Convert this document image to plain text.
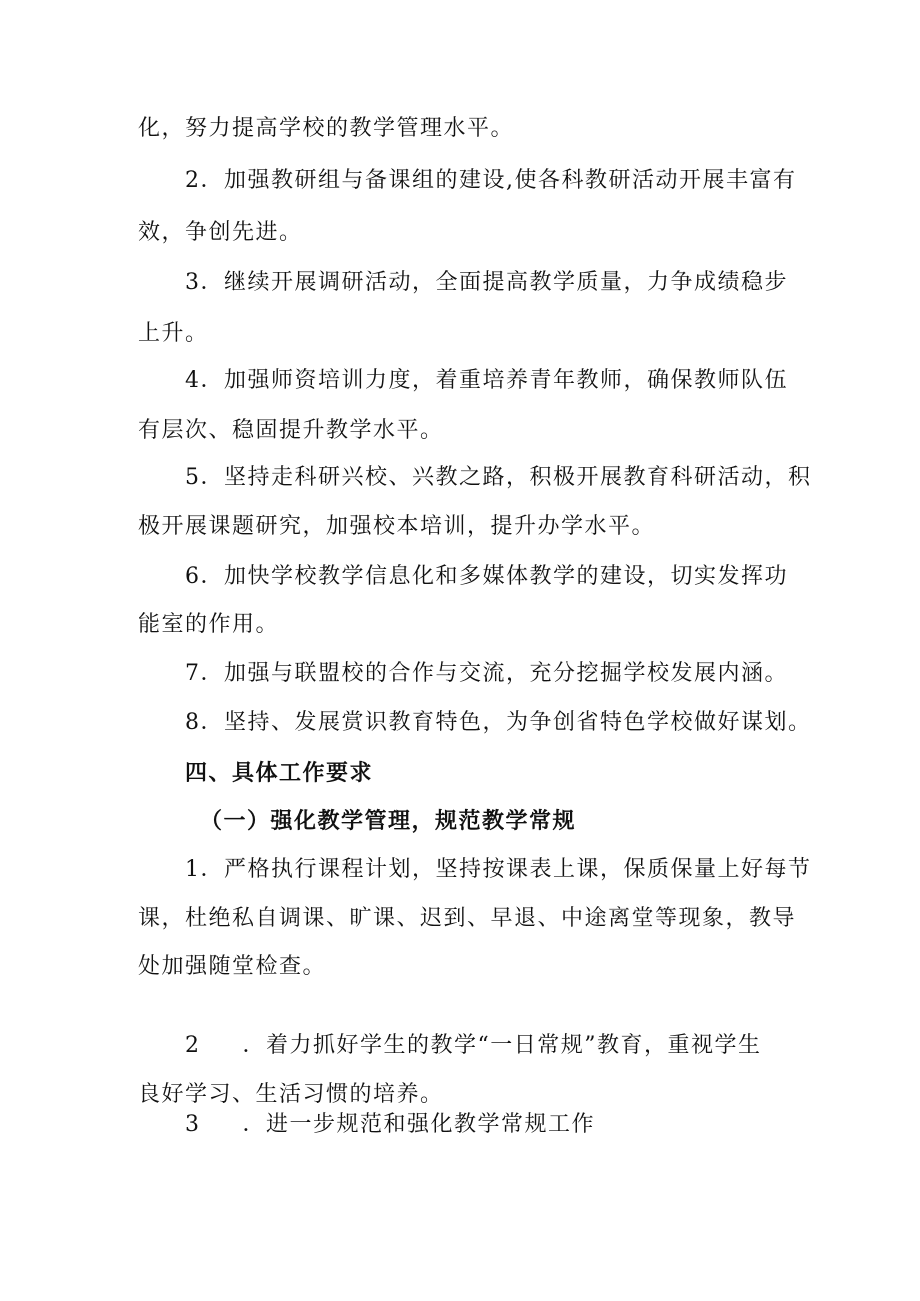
化，努力提高学校的教学管理水平。
2．加强教研组与备课组的建设,使各科教研活动开展丰富有
效，争创先进。
3．继续开展调研活动，全面提高教学质量，力争成绩稳步
上升。
4．加强师资培训力度，着重培养青年教师，确保教师队伍
有层次、稳固提升教学水平。
5．坚持走科研兴校、兴教之路，积极开展教育科研活动，积
极开展课题研究，加强校本培训，提升办学水平。
6．加快学校教学信息化和多媒体教学的建设，切实发挥功
能室的作用。
7．加强与联盟校的合作与交流，充分挖掘学校发展内涵。
8．坚持、发展赏识教育特色，为争创省特色学校做好谋划。
四、具体工作要求
（一）强化教学管理，规范教学常规
1．严格执行课程计划，坚持按课表上课，保质保量上好每节
课，杜绝私自调课、旷课、迟到、早退、中途离堂等现象，教导
处加强随堂检查。
2 ．着力抓好学生的教学“一日常规”教育，重视学生
良好学习、生活习惯的培养。
3 ．进一步规范和强化教学常规工作
